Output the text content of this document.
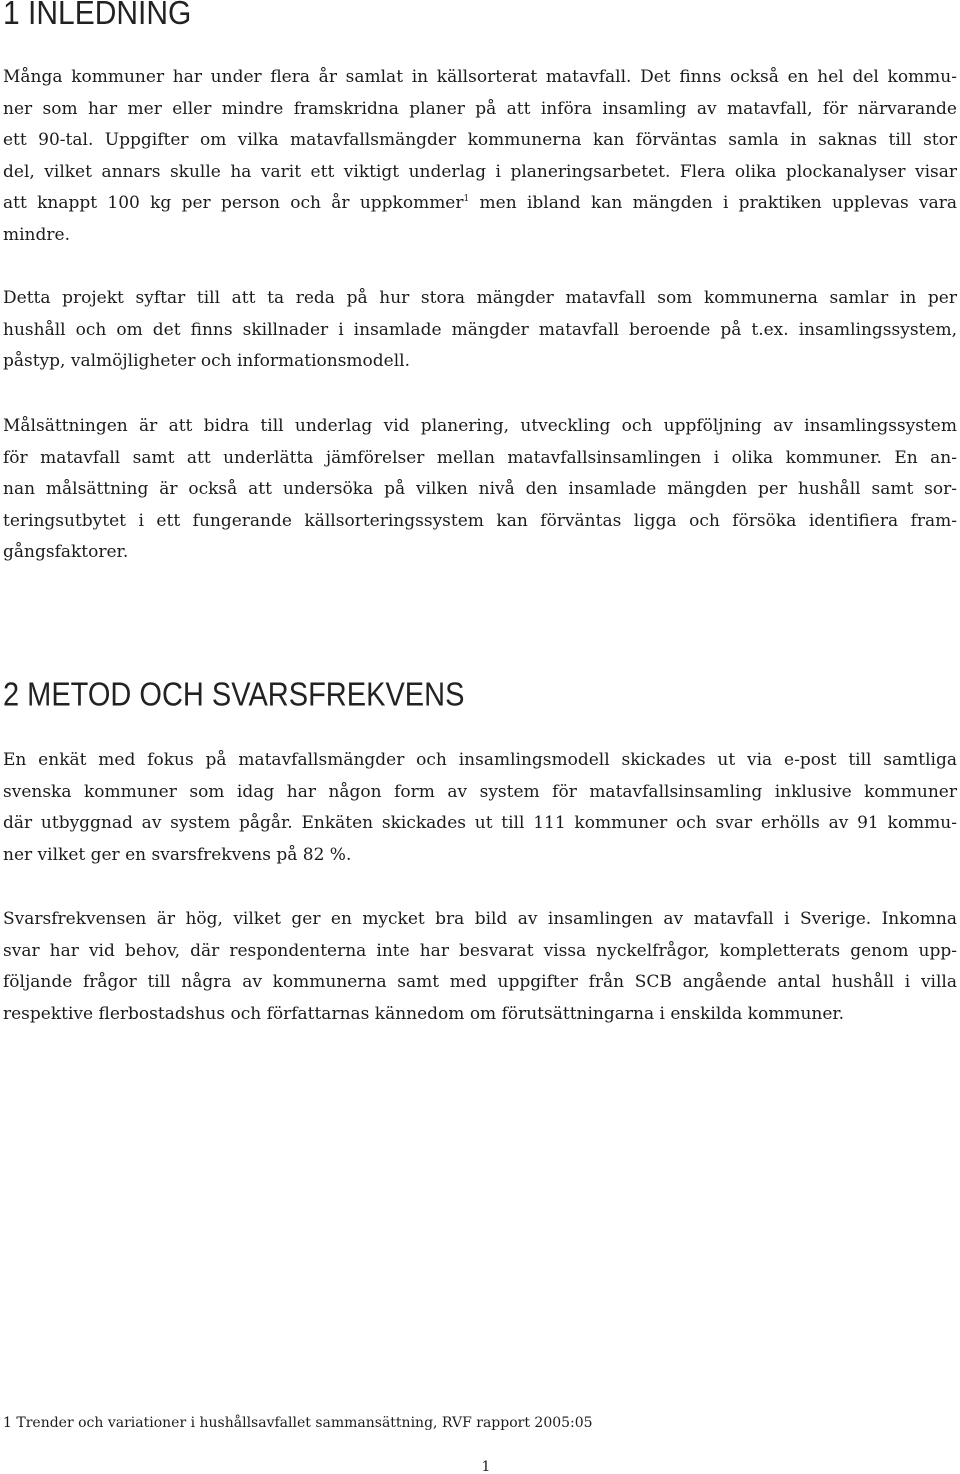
1 INLEDNING
Många kommuner har under flera år samlat in källsorterat matavfall. Det finns också en hel del kommu-
ner som har mer eller mindre framskridna planer på att införa insamling av matavfall, för närvarande
ett 90-tal. Uppgifter om vilka matavfallsmängder kommunerna kan förväntas samla in saknas till stor
del, vilket annars skulle ha varit ett viktigt underlag i planeringsarbetet. Flera olika plockanalyser visar
att knappt 100 kg per person och år uppkommer$^1$ men ibland kan mängden i praktiken upplevas vara
mindre.
Detta projekt syftar till att ta reda på hur stora mängder matavfall som kommunerna samlar in per
hushåll och om det finns skillnader i insamlade mängder matavfall beroende på t.ex. insamlingssystem,
påstyp, valmöjligheter och informationsmodell.
Målsättningen är att bidra till underlag vid planering, utveckling och uppföljning av insamlingssystem
för matavfall samt att underlätta jämförelser mellan matavfallsinsamlingen i olika kommuner. En an-
nan målsättning är också att undersöka på vilken nivå den insamlade mängden per hushåll samt sor-
teringsutbytet i ett fungerande källsorteringssystem kan förväntas ligga och försöka identifiera fram-
gångsfaktorer.
2 METOD OCH SVARSFREKVENS
En enkät med fokus på matavfallsmängder och insamlingsmodell skickades ut via e-post till samtliga
svenska kommuner som idag har någon form av system för matavfallsinsamling inklusive kommuner
där utbyggnad av system pågår. Enkäten skickades ut till 111 kommuner och svar erhölls av 91 kommu-
ner vilket ger en svarsfrekvens på 82 %.
Svarsfrekvensen är hög, vilket ger en mycket bra bild av insamlingen av matavfall i Sverige. Inkomna
svar har vid behov, där respondenterna inte har besvarat vissa nyckelfrågor, kompletterats genom upp-
följande frågor till några av kommunerna samt med uppgifter från SCB angående antal hushåll i villa
respektive flerbostadshus och författarnas kännedom om förutsättningarna i enskilda kommuner.
1 Trender och variationer i hushållsavfallet sammansättning, RVF rapport 2005:05
1
